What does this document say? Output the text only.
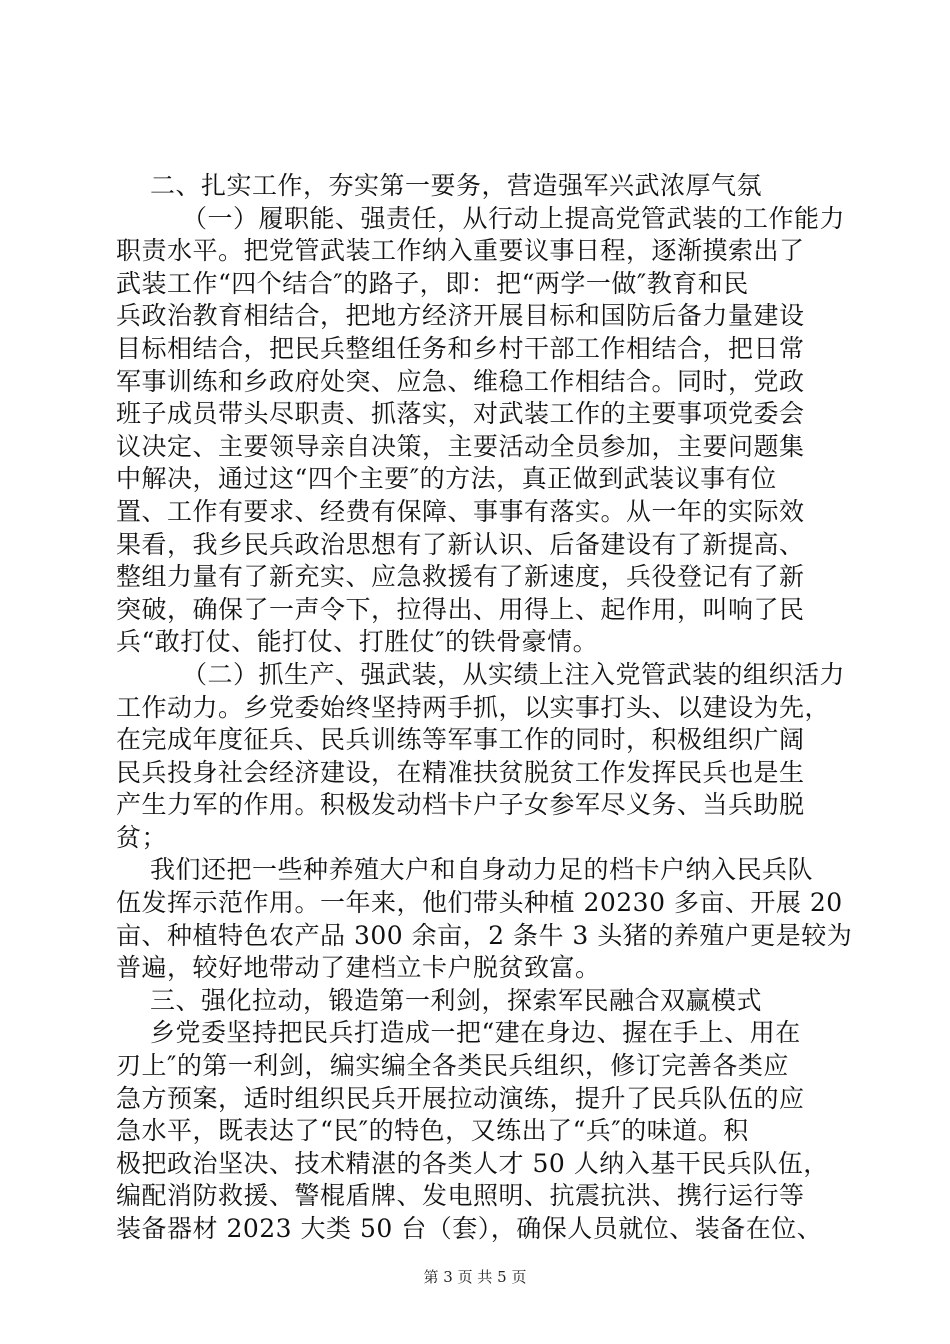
二、扎实工作，夯实第一要务，营造强军兴武浓厚气氛
（一）履职能、强责任，从行动上提高党管武装的工作能力
职责水平。把党管武装工作纳入重要议事日程，逐渐摸索出了
武装工作“四个结合″的路子，即：把“两学一做″教育和民
兵政治教育相结合，把地方经济开展目标和国防后备力量建设
目标相结合，把民兵整组任务和乡村干部工作相结合，把日常
军事训练和乡政府处突、应急、维稳工作相结合。同时，党政
班子成员带头尽职责、抓落实，对武装工作的主要事项党委会
议决定、主要领导亲自决策，主要活动全员参加，主要问题集
中解决，通过这“四个主要″的方法，真正做到武装议事有位
置、工作有要求、经费有保障、事事有落实。从一年的实际效
果看，我乡民兵政治思想有了新认识、后备建设有了新提高、
整组力量有了新充实、应急救援有了新速度，兵役登记有了新
突破，确保了一声令下，拉得出、用得上、起作用，叫响了民
兵“敢打仗、能打仗、打胜仗″的铁骨豪情。
（二）抓生产、强武装，从实绩上注入党管武装的组织活力
工作动力。乡党委始终坚持两手抓，以实事打头、以建设为先，
在完成年度征兵、民兵训练等军事工作的同时，积极组织广阔
民兵投身社会经济建设，在精准扶贫脱贫工作发挥民兵也是生
产生力军的作用。积极发动档卡户子女参军尽义务、当兵助脱
贫；
我们还把一些种养殖大户和自身动力足的档卡户纳入民兵队
伍发挥示范作用。一年来，他们带头种植 20230 多亩、开展 20
亩、种植特色农产品 300 余亩，2 条牛 3 头猪的养殖户更是较为
普遍，较好地带动了建档立卡户脱贫致富。
三、强化拉动，锻造第一利剑，探索军民融合双赢模式
乡党委坚持把民兵打造成一把“建在身边、握在手上、用在
刃上″的第一利剑，编实编全各类民兵组织，修订完善各类应
急方预案，适时组织民兵开展拉动演练，提升了民兵队伍的应
急水平，既表达了“民″的特色，又练出了“兵″的味道。积
极把政治坚决、技术精湛的各类人才 50 人纳入基干民兵队伍，
编配消防救援、警棍盾牌、发电照明、抗震抗洪、携行运行等
装备器材 2023 大类 50 台（套），确保人员就位、装备在位、
第 3 页 共 5 页
